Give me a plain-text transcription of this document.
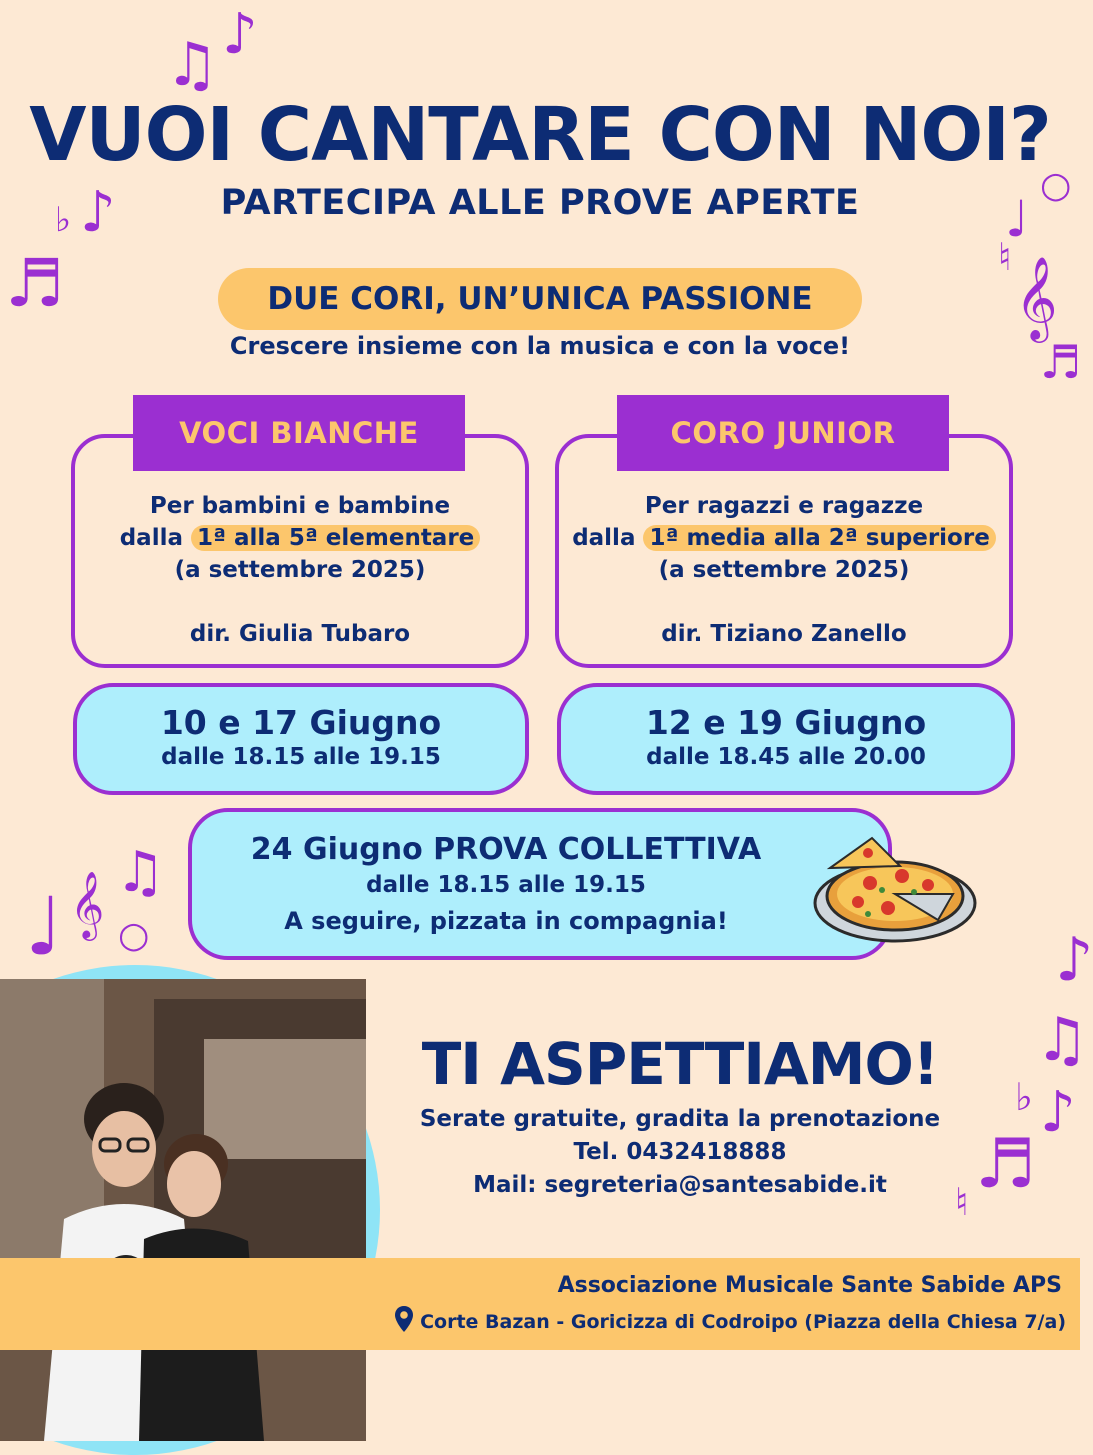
♫ ♪
♪
♭
♬
○
♩
♮ 𝄞
♬
♩ 𝄞 ♫
○	♪
♫
♭ ♪
♬
♮
VUOI CANTARE CON NOI?
PARTECIPA ALLE PROVE APERTE
DUE CORI, UN’UNICA PASSIONE
Crescere insieme con la musica e con la voce!
Per bambini e bambine
dalla 1ª alla 5ª elementare
(a settembre 2025)
dir. Giulia Tubaro
VOCI BIANCHE
Per ragazzi e ragazze
dalla 1ª media alla 2ª superiore
(a settembre 2025)
dir. Tiziano Zanello
CORO JUNIOR
10 e 17 Giugno
dalle 18.15 alle 19.15
12 e 19 Giugno
dalle 18.45 alle 20.00
24 Giugno PROVA COLLETTIVA
dalle 18.15 alle 19.15
A seguire, pizzata in compagnia!
TI ASPETTIAMO!
Serate gratuite, gradita la prenotazione
Tel. 0432418888
Mail: segreteria@santesabide.it
Associazione Musicale Sante Sabide APS
Corte Bazan - Goricizza di Codroipo (Piazza della Chiesa 7/a)
